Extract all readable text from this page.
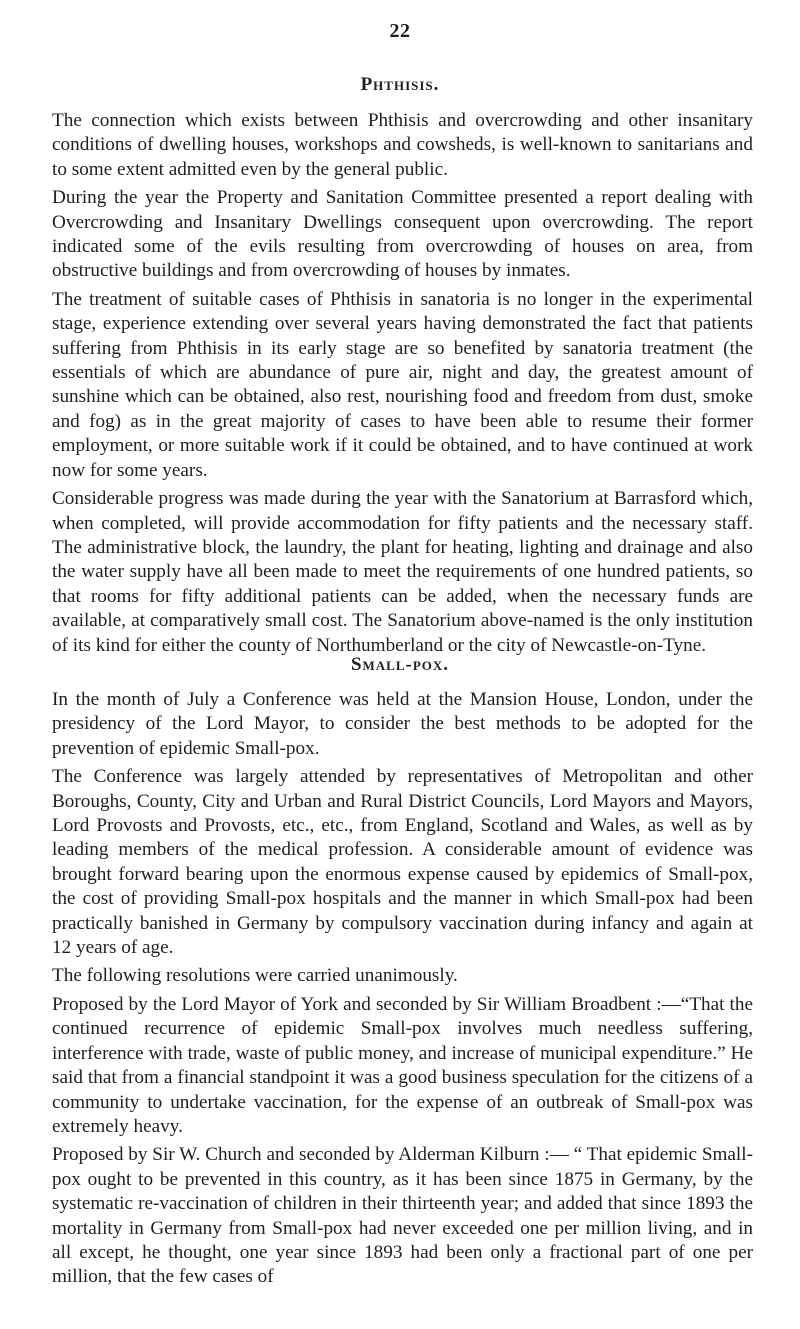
22
Phthisis.

The connection which exists between Phthisis and overcrowding and other insanitary conditions of dwelling houses, workshops and cowsheds, is well-known to sanitarians and to some extent admitted even by the general public.

During the year the Property and Sanitation Committee presented a report dealing with Overcrowding and Insanitary Dwellings consequent upon overcrowding. The report indicated some of the evils resulting from overcrowding of houses on area, from obstructive buildings and from overcrowding of houses by inmates.

The treatment of suitable cases of Phthisis in sanatoria is no longer in the experimental stage, experience extending over several years having demonstrated the fact that patients suffering from Phthisis in its early stage are so benefited by sanatoria treatment (the essentials of which are abundance of pure air, night and day, the greatest amount of sunshine which can be obtained, also rest, nourishing food and freedom from dust, smoke and fog) as in the great majority of cases to have been able to resume their former employment, or more suitable work if it could be obtained, and to have continued at work now for some years.

Considerable progress was made during the year with the Sanatorium at Barrasford which, when completed, will provide accommodation for fifty patients and the necessary staff. The administrative block, the laundry, the plant for heating, lighting and drainage and also the water supply have all been made to meet the requirements of one hundred patients, so that rooms for fifty additional patients can be added, when the necessary funds are available, at comparatively small cost. The Sanatorium above-named is the only institution of its kind for either the county of Northumberland or the city of Newcastle-on-Tyne.

Small-pox.

In the month of July a Conference was held at the Mansion House, London, under the presidency of the Lord Mayor, to consider the best methods to be adopted for the prevention of epidemic Small-pox.

The Conference was largely attended by representatives of Metropolitan and other Boroughs, County, City and Urban and Rural District Councils, Lord Mayors and Mayors, Lord Provosts and Provosts, etc., etc., from England, Scotland and Wales, as well as by leading members of the medical profession. A considerable amount of evidence was brought forward bearing upon the enormous expense caused by epidemics of Small-pox, the cost of providing Small-pox hospitals and the manner in which Small-pox had been practically banished in Germany by compulsory vaccination during infancy and again at 12 years of age.

The following resolutions were carried unanimously.

Proposed by the Lord Mayor of York and seconded by Sir William Broadbent :—“That the continued recurrence of epidemic Small-pox involves much needless suffering, interference with trade, waste of public money, and increase of municipal expenditure.” He said that from a financial standpoint it was a good business speculation for the citizens of a community to undertake vaccination, for the expense of an outbreak of Small-pox was extremely heavy.

Proposed by Sir W. Church and seconded by Alderman Kilburn :— “ That epidemic Small-pox ought to be prevented in this country, as it has been since 1875 in Germany, by the systematic re-vaccination of children in their thirteenth year; and added that since 1893 the mortality in Germany from Small-pox had never exceeded one per million living, and in all except, he thought, one year since 1893 had been only a fractional part of one per million, that the few cases of
